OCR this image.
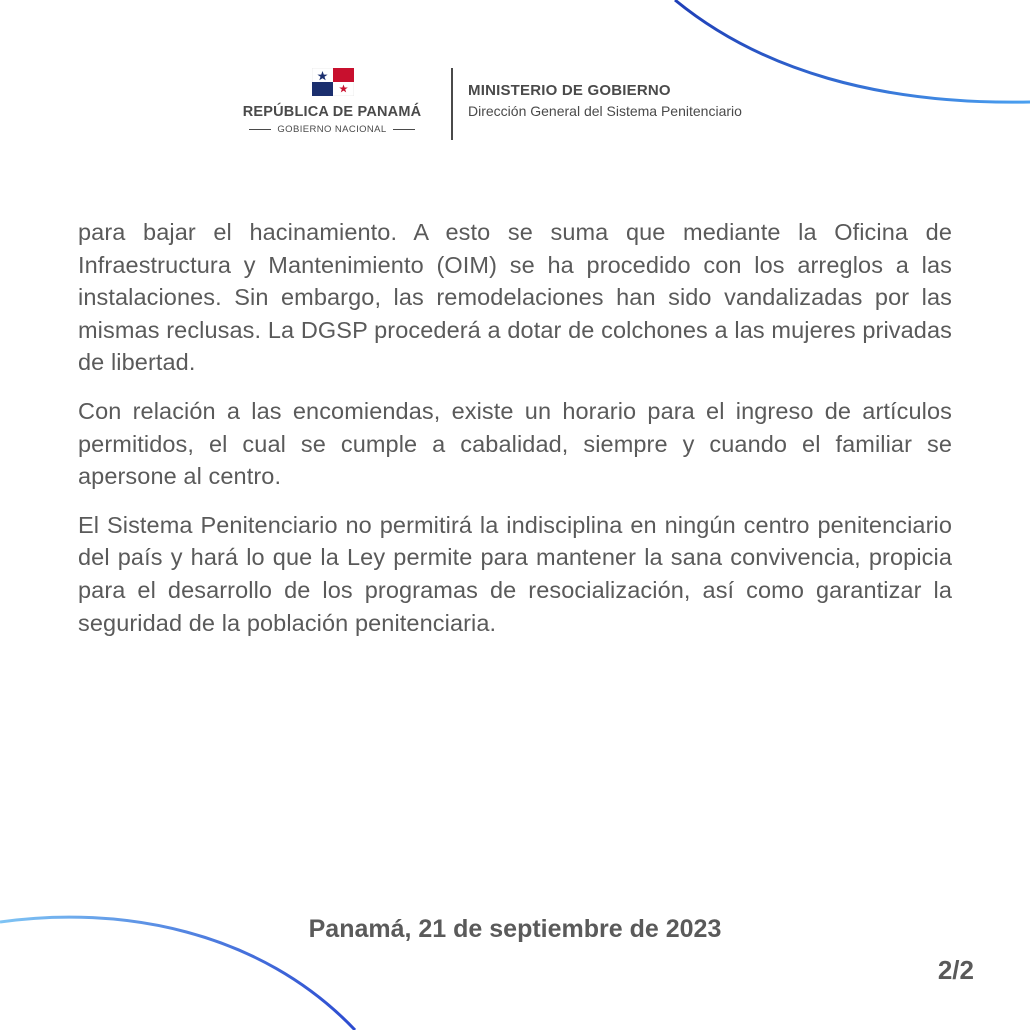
REPÚBLICA DE PANAMÁ
GOBIERNO NACIONAL
MINISTERIO DE GOBIERNO
Dirección General del Sistema Penitenciario

para bajar el hacinamiento. A esto se suma que mediante la Oficina de Infraestructura y Mantenimiento (OIM) se ha procedido con los arreglos a las instalaciones. Sin embargo, las remodelaciones han sido vandalizadas por las mismas reclusas. La DGSP procederá a dotar de colchones a las mujeres privadas de libertad.

Con relación a las encomiendas, existe un horario para el ingreso de artículos permitidos, el cual se cumple a cabalidad, siempre y cuando el familiar se apersone al centro.

El Sistema Penitenciario no permitirá la indisciplina en ningún centro penitenciario del país y hará lo que la Ley permite para mantener la sana convivencia, propicia para el desarrollo de los programas de resocialización, así como garantizar la seguridad de la población penitenciaria.

Panamá, 21 de septiembre de 2023
2/2
